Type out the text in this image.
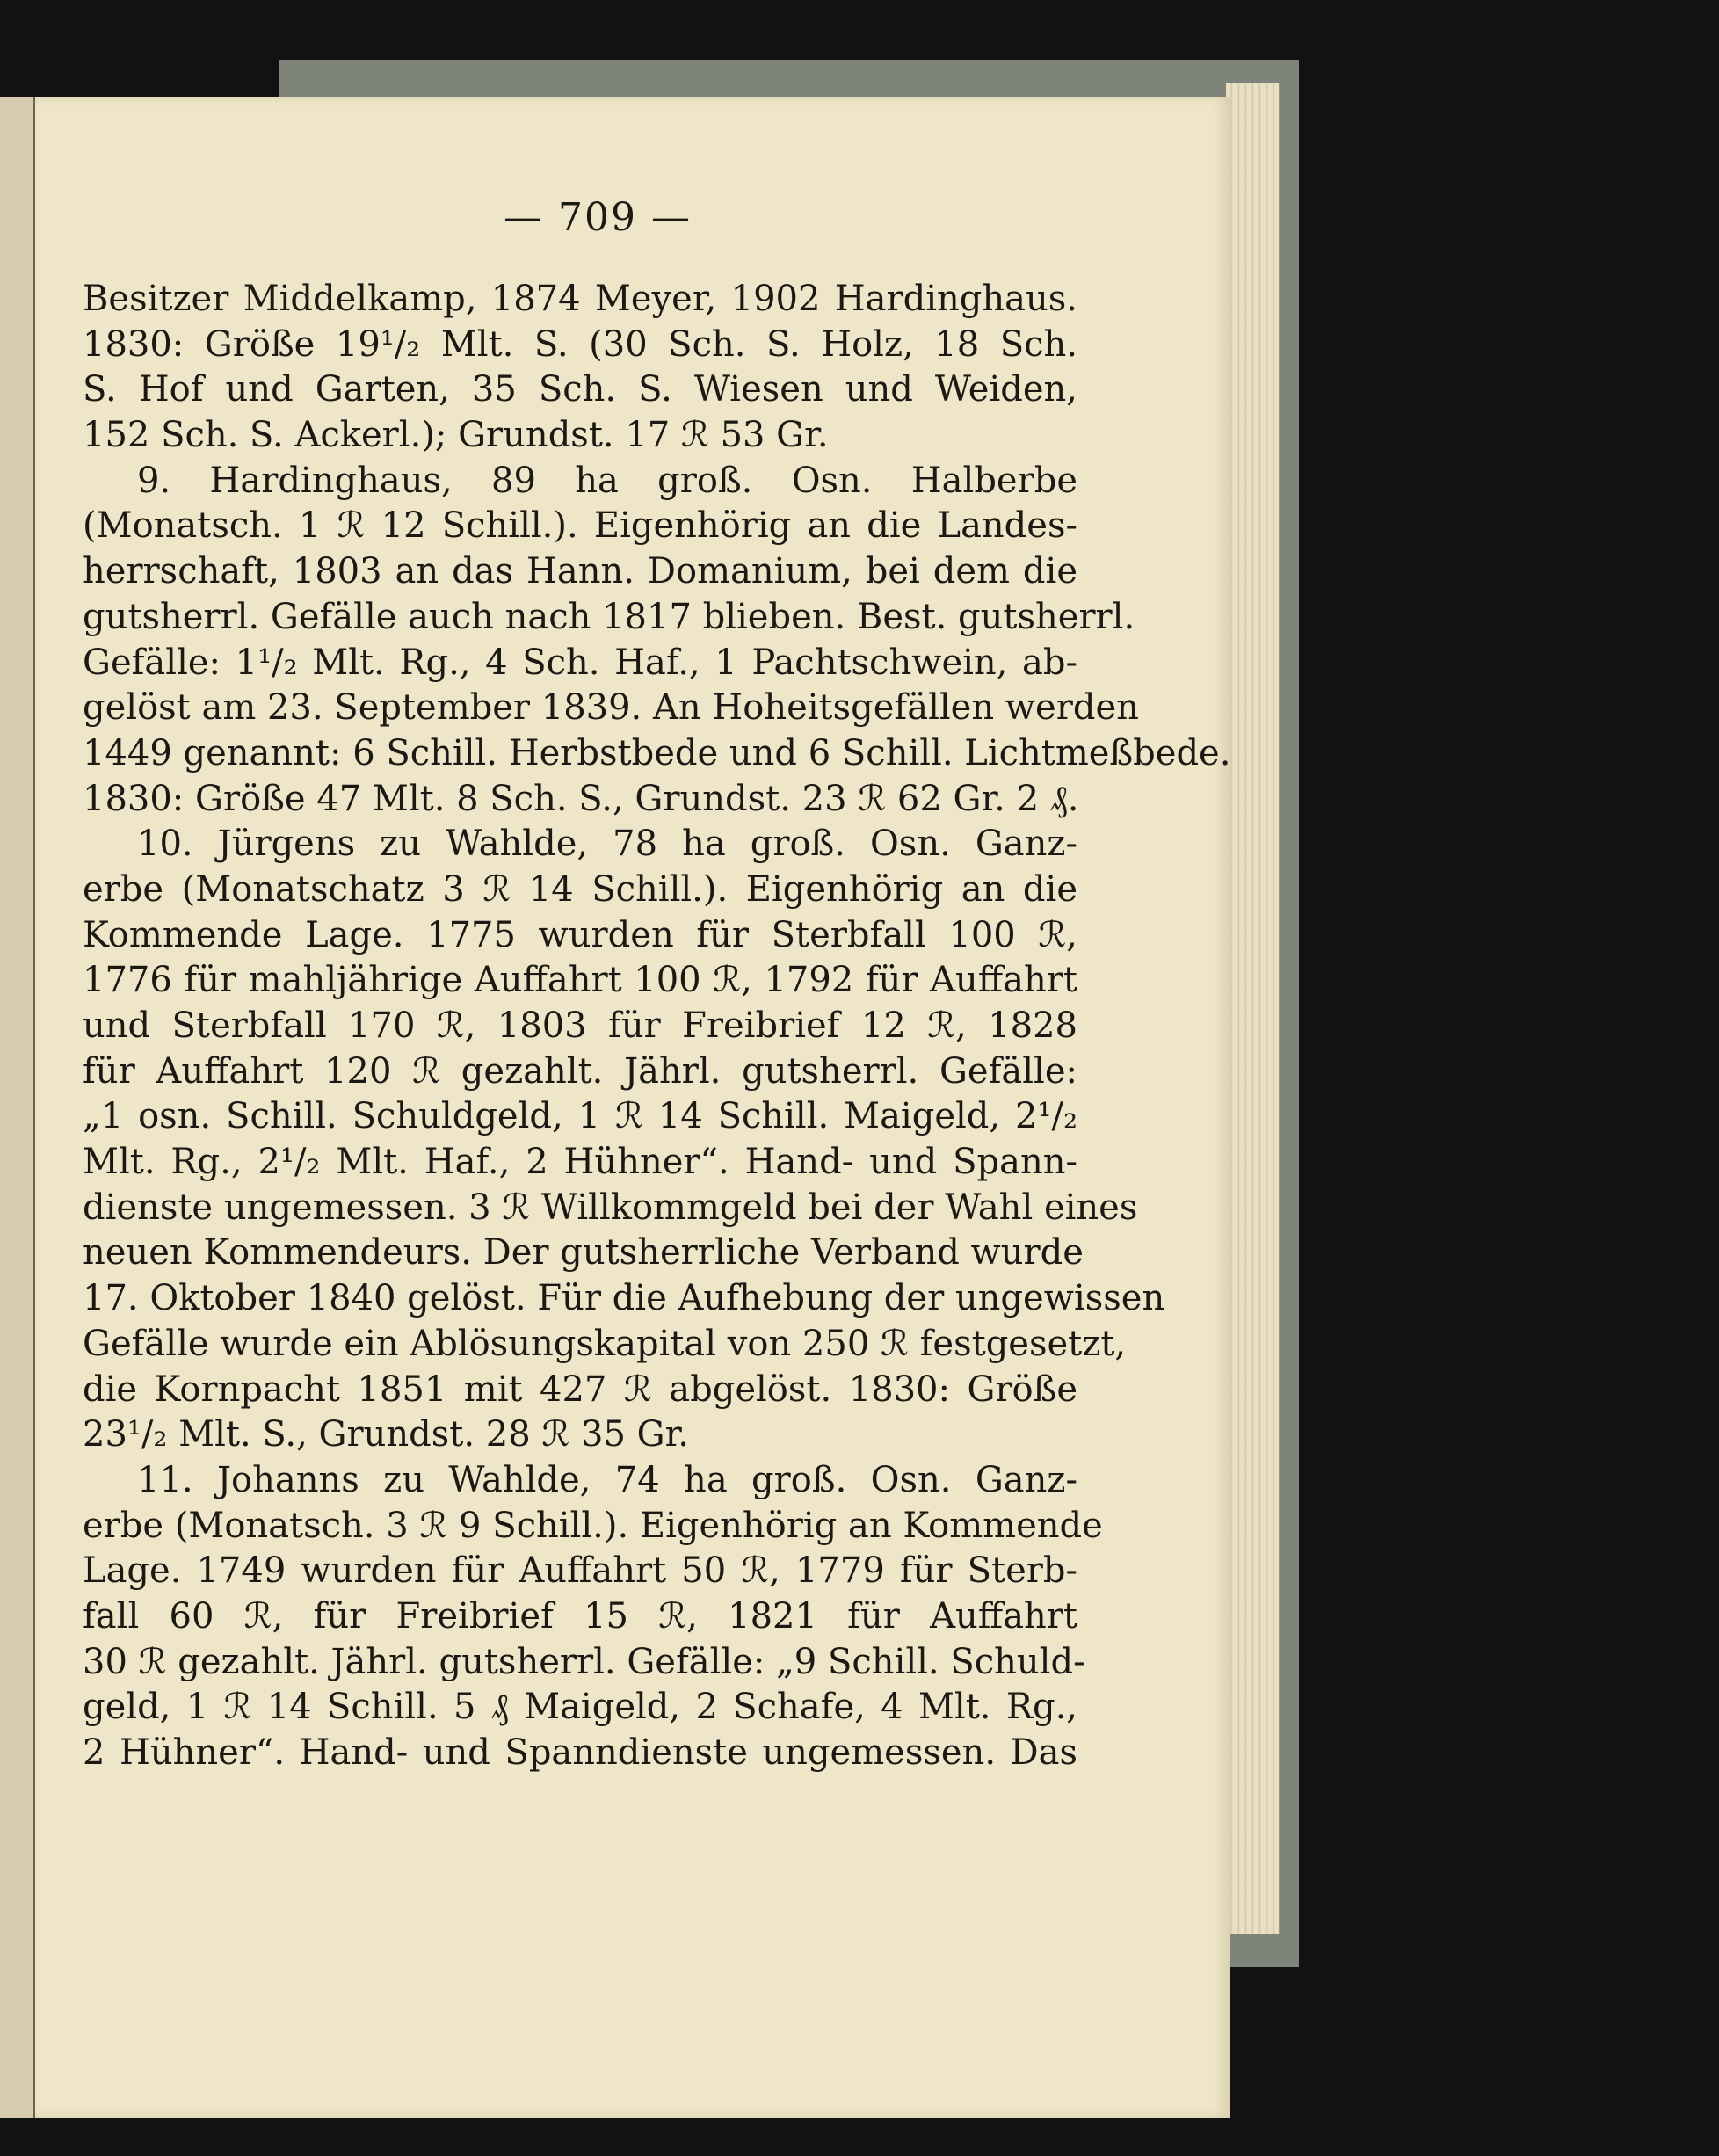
— 709 —
Besitzer Middelkamp, 1874 Meyer, 1902 Hardinghaus.
1830: Größe 19¹/₂ Mlt. S. (30 Sch. S. Holz, 18 Sch.
S. Hof und Garten, 35 Sch. S. Wiesen und Weiden,
152 Sch. S. Ackerl.); Grundst. 17 ℛ 53 Gr.
9. Hardinghaus, 89 ha groß. Osn. Halberbe
(Monatsch. 1 ℛ 12 Schill.). Eigenhörig an die Landes-
herrschaft, 1803 an das Hann. Domanium, bei dem die
gutsherrl. Gefälle auch nach 1817 blieben. Best. gutsherrl.
Gefälle: 1¹/₂ Mlt. Rg., 4 Sch. Haf., 1 Pachtschwein, ab-
gelöst am 23. September 1839. An Hoheitsgefällen werden
1449 genannt: 6 Schill. Herbstbede und 6 Schill. Lichtmeßbede.
1830: Größe 47 Mlt. 8 Sch. S., Grundst. 23 ℛ 62 Gr. 2 ₰.
10. Jürgens zu Wahlde, 78 ha groß. Osn. Ganz-
erbe (Monatschatz 3 ℛ 14 Schill.). Eigenhörig an die
Kommende Lage. 1775 wurden für Sterbfall 100 ℛ,
1776 für mahljährige Auffahrt 100 ℛ, 1792 für Auffahrt
und Sterbfall 170 ℛ, 1803 für Freibrief 12 ℛ, 1828
für Auffahrt 120 ℛ gezahlt. Jährl. gutsherrl. Gefälle:
„1 osn. Schill. Schuldgeld, 1 ℛ 14 Schill. Maigeld, 2¹/₂
Mlt. Rg., 2¹/₂ Mlt. Haf., 2 Hühner“. Hand- und Spann-
dienste ungemessen. 3 ℛ Willkommgeld bei der Wahl eines
neuen Kommendeurs. Der gutsherrliche Verband wurde
17. Oktober 1840 gelöst. Für die Aufhebung der ungewissen
Gefälle wurde ein Ablösungskapital von 250 ℛ festgesetzt,
die Kornpacht 1851 mit 427 ℛ abgelöst. 1830: Größe
23¹/₂ Mlt. S., Grundst. 28 ℛ 35 Gr.
11. Johanns zu Wahlde, 74 ha groß. Osn. Ganz-
erbe (Monatsch. 3 ℛ 9 Schill.). Eigenhörig an Kommende
Lage. 1749 wurden für Auffahrt 50 ℛ, 1779 für Sterb-
fall 60 ℛ, für Freibrief 15 ℛ, 1821 für Auffahrt
30 ℛ gezahlt. Jährl. gutsherrl. Gefälle: „9 Schill. Schuld-
geld, 1 ℛ 14 Schill. 5 ₰ Maigeld, 2 Schafe, 4 Mlt. Rg.,
2 Hühner“. Hand- und Spanndienste ungemessen. Das
